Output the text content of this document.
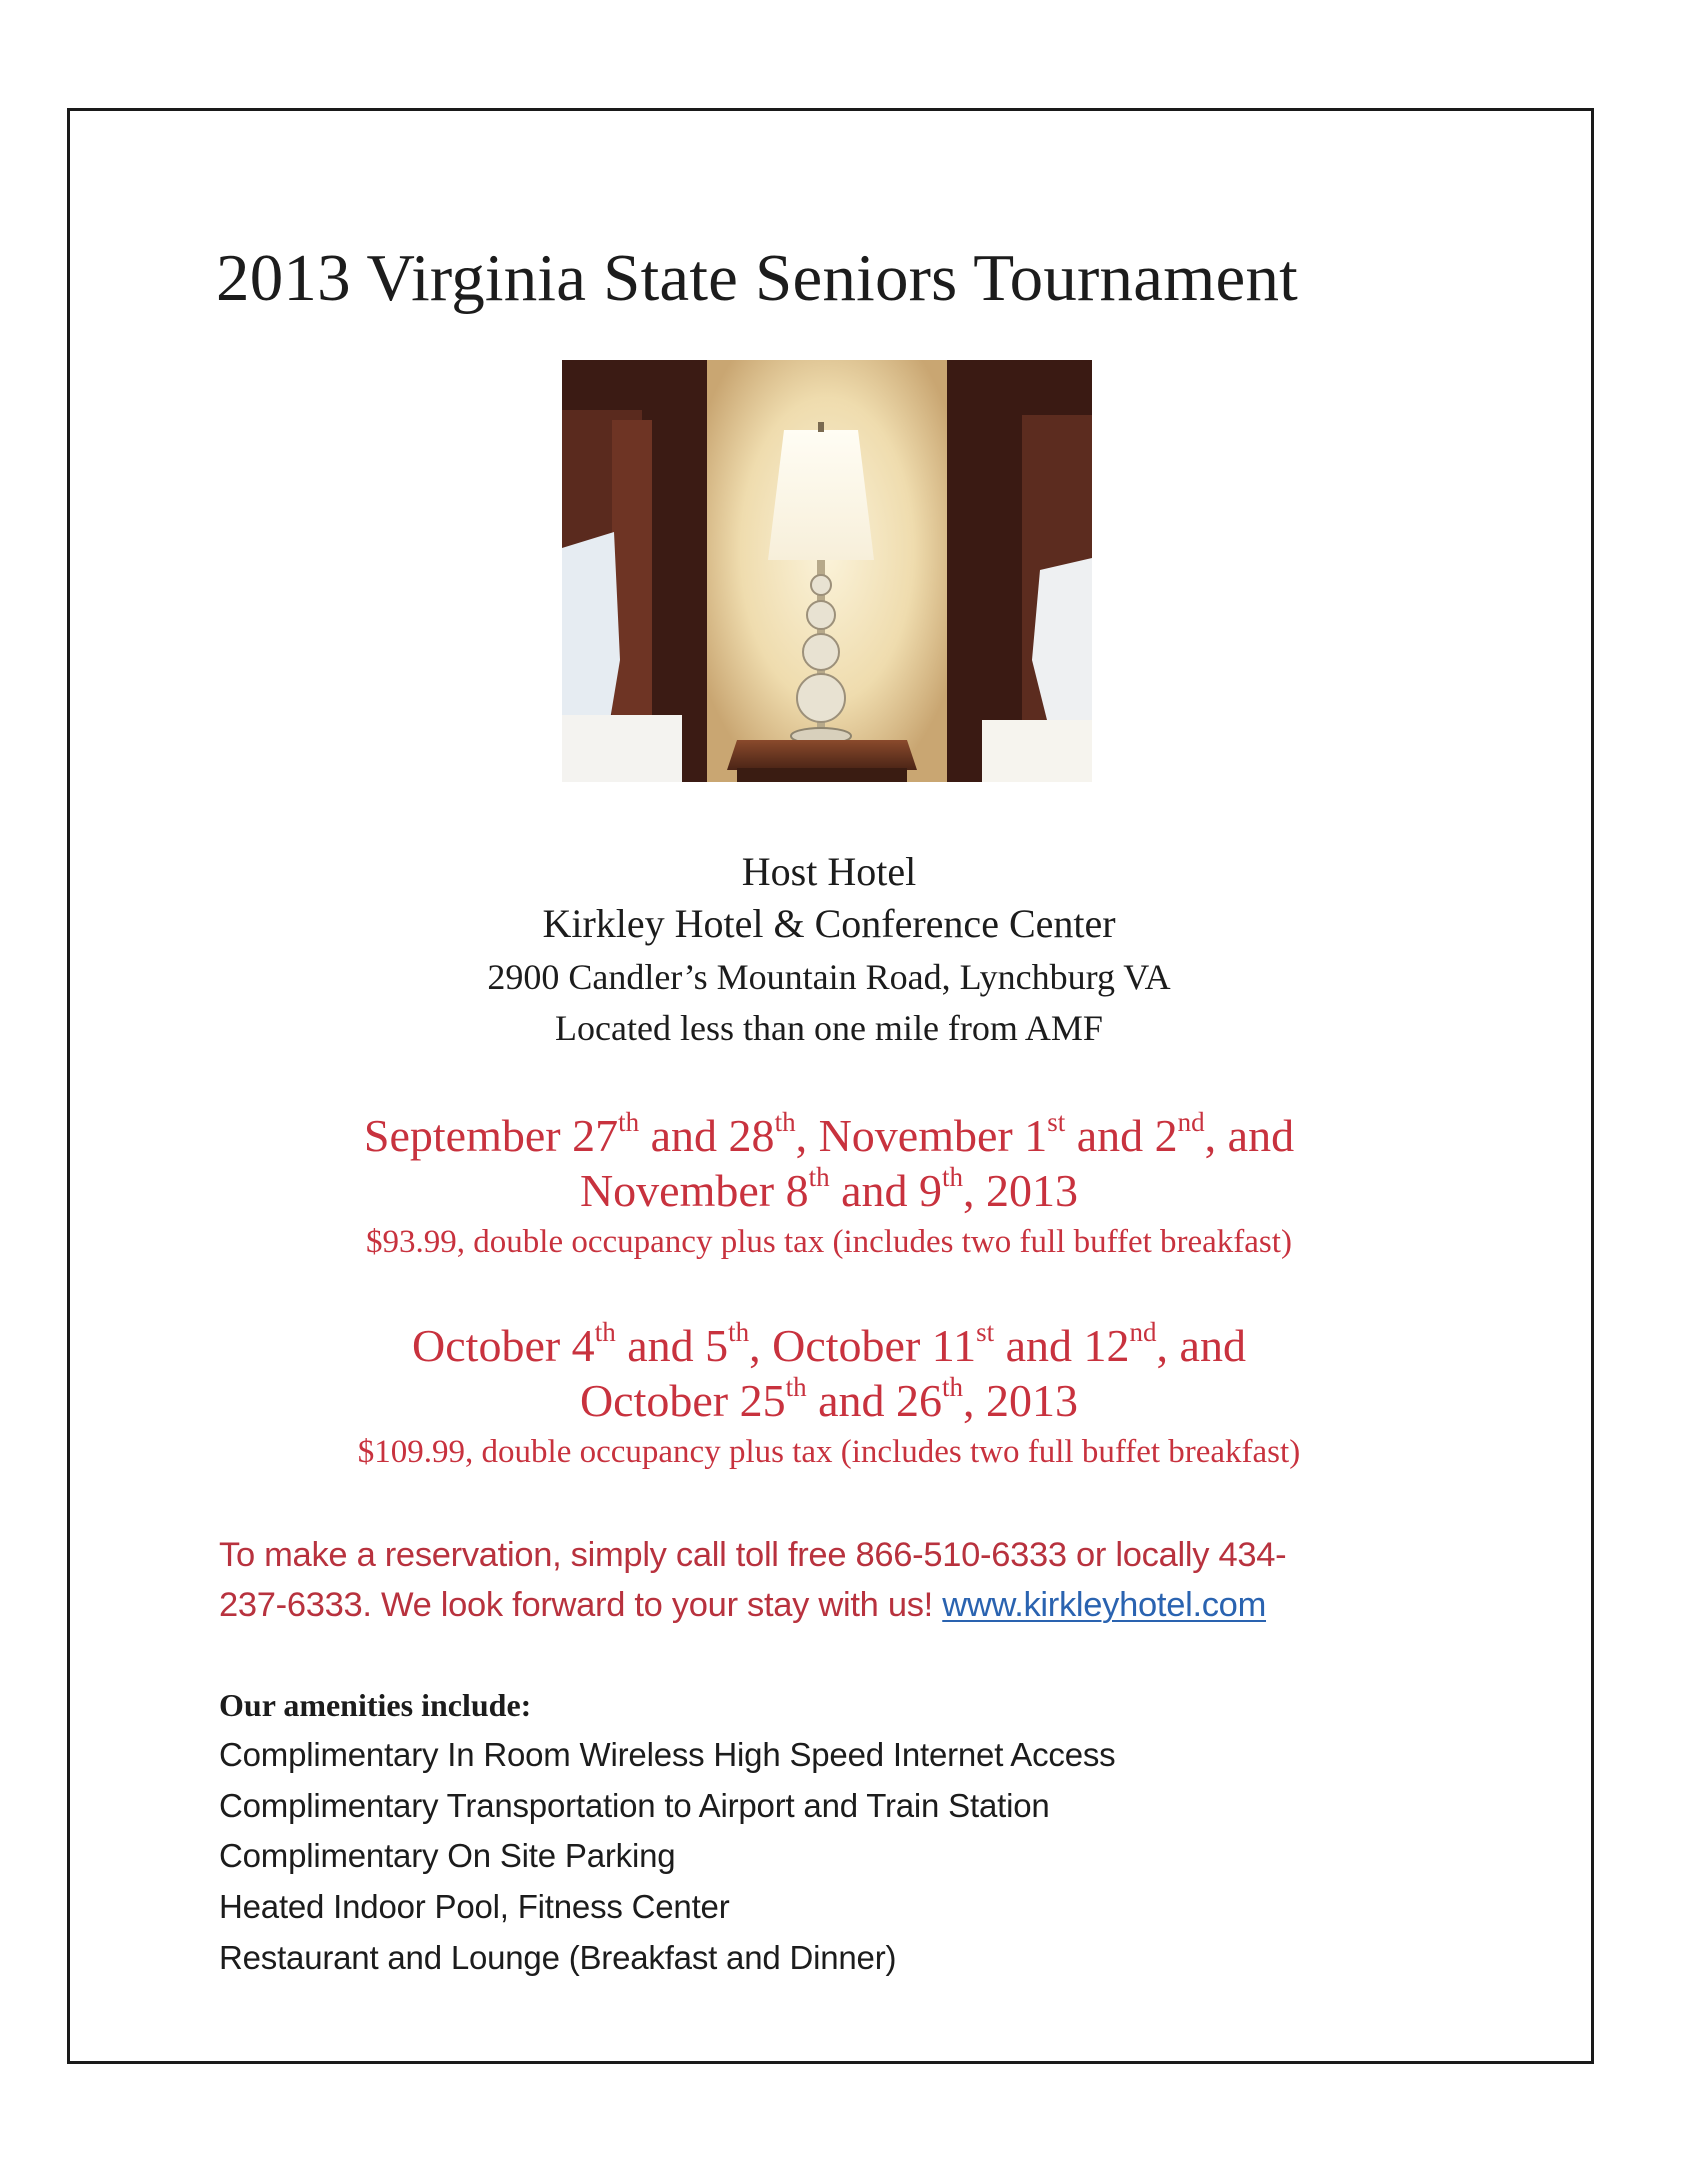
2013 Virginia State Seniors Tournament
Host Hotel
Kirkley Hotel & Conference Center
2900 Candler’s Mountain Road, Lynchburg VA
Located less than one mile from AMF
September 27th and 28th, November 1st and 2nd, and
November 8th and 9th, 2013
$93.99, double occupancy plus tax (includes two full buffet breakfast)
October 4th and 5th, October 11st and 12nd, and
October 25th and 26th, 2013
$109.99, double occupancy plus tax (includes two full buffet breakfast)
To make a reservation, simply call toll free 866-510-6333 or locally 434-
237-6333. We look forward to your stay with us! www.kirkleyhotel.com
Our amenities include:
Complimentary In Room Wireless High Speed Internet Access
Complimentary Transportation to Airport and Train Station
Complimentary On Site Parking
Heated Indoor Pool, Fitness Center
Restaurant and Lounge (Breakfast and Dinner)
